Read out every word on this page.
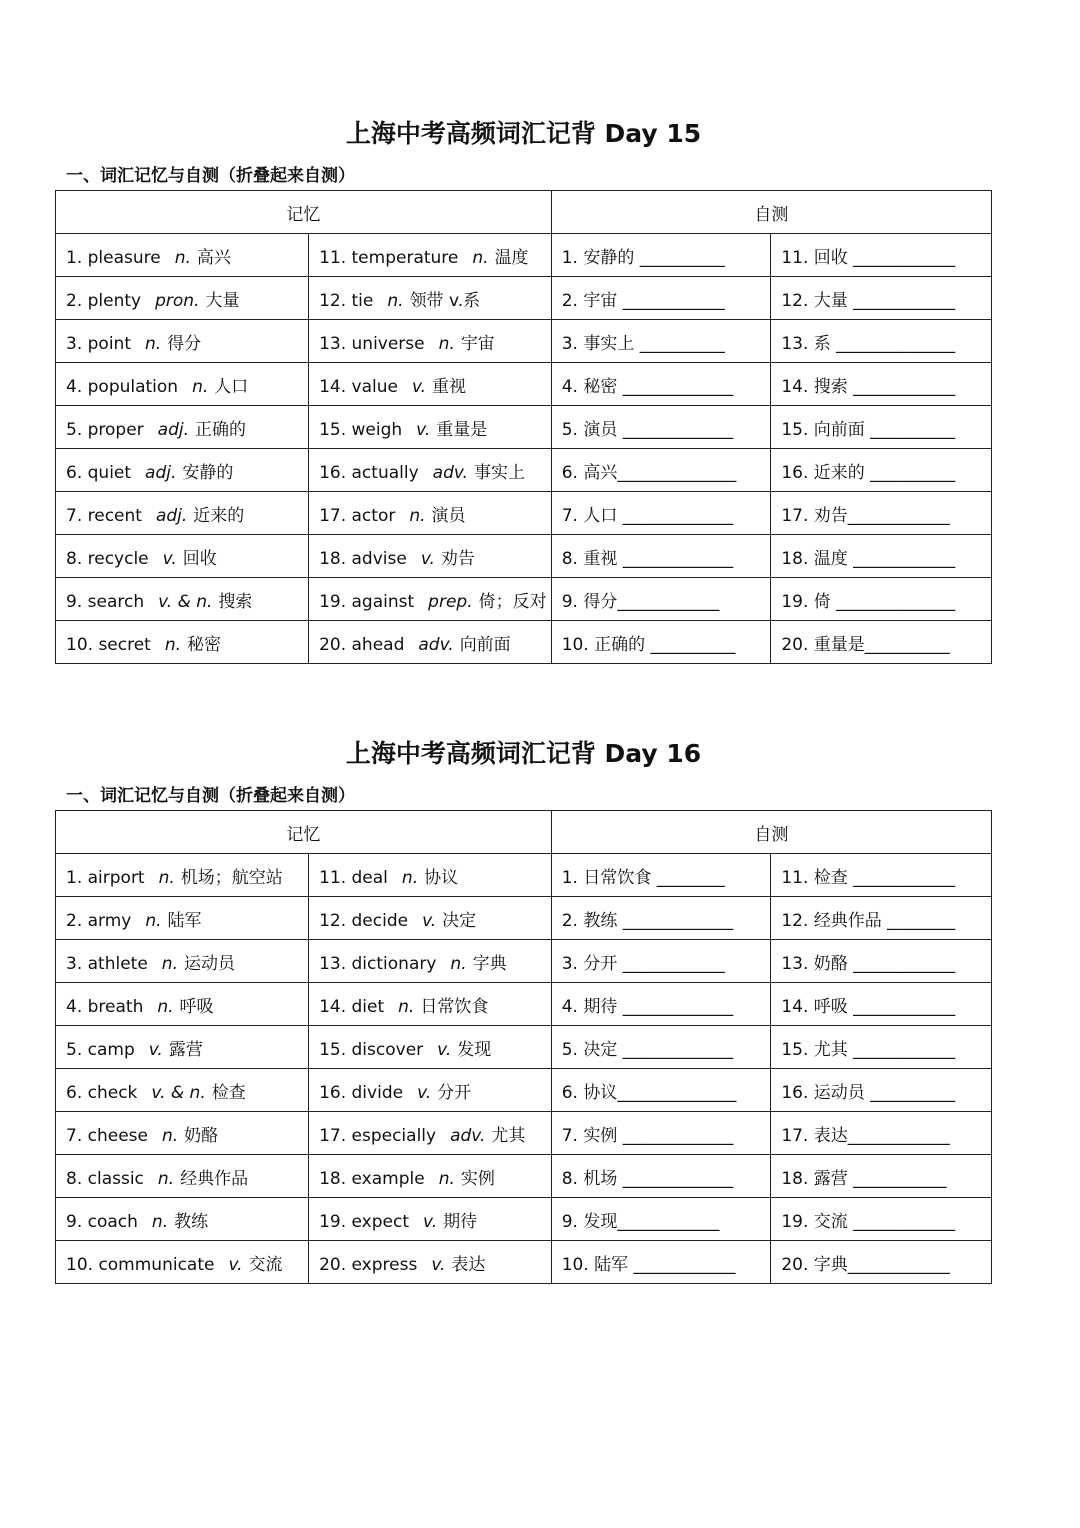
上海中考高频词汇记背 Day 15
一、词汇记忆与自测（折叠起来自测）
记忆		自测	
1. pleasure n. 高兴	11. temperature n. 温度	1. 安静的 __________	11. 回收 ____________
2. plenty pron. 大量	12. tie n. 领带 v.系	2. 宇宙 ____________	12. 大量 ____________
3. point n. 得分	13. universe n. 宇宙	3. 事实上 __________	13. 系 ______________
4. population n. 人口	14. value v. 重视	4. 秘密 _____________	14. 搜索 ____________
5. proper adj. 正确的	15. weigh v. 重量是	5. 演员 _____________	15. 向前面 __________
6. quiet adj. 安静的	16. actually adv. 事实上	6. 高兴______________	16. 近来的 __________
7. recent adj. 近来的	17. actor n. 演员	7. 人口 _____________	17. 劝告____________
8. recycle v. 回收	18. advise v. 劝告	8. 重视 _____________	18. 温度 ____________
9. search v. & n. 搜索	19. against prep. 倚；反对	9. 得分____________	19. 倚 ______________
10. secret n. 秘密	20. ahead adv. 向前面	10. 正确的 __________	20. 重量是__________
上海中考高频词汇记背 Day 16
一、词汇记忆与自测（折叠起来自测）
记忆		自测	
1. airport n. 机场；航空站	11. deal n. 协议	1. 日常饮食 ________	11. 检查 ____________
2. army n. 陆军	12. decide v. 决定	2. 教练 _____________	12. 经典作品 ________
3. athlete n. 运动员	13. dictionary n. 字典	3. 分开 ____________	13. 奶酪 ____________
4. breath n. 呼吸	14. diet n. 日常饮食	4. 期待 _____________	14. 呼吸 ____________
5. camp v. 露营	15. discover v. 发现	5. 决定 _____________	15. 尤其 ____________
6. check v. & n. 检查	16. divide v. 分开	6. 协议______________	16. 运动员 __________
7. cheese n. 奶酪	17. especially adv. 尤其	7. 实例 _____________	17. 表达____________
8. classic n. 经典作品	18. example n. 实例	8. 机场 _____________	18. 露营 ___________
9. coach n. 教练	19. expect v. 期待	9. 发现____________	19. 交流 ____________
10. communicate v. 交流	20. express v. 表达	10. 陆军 ____________	20. 字典____________
